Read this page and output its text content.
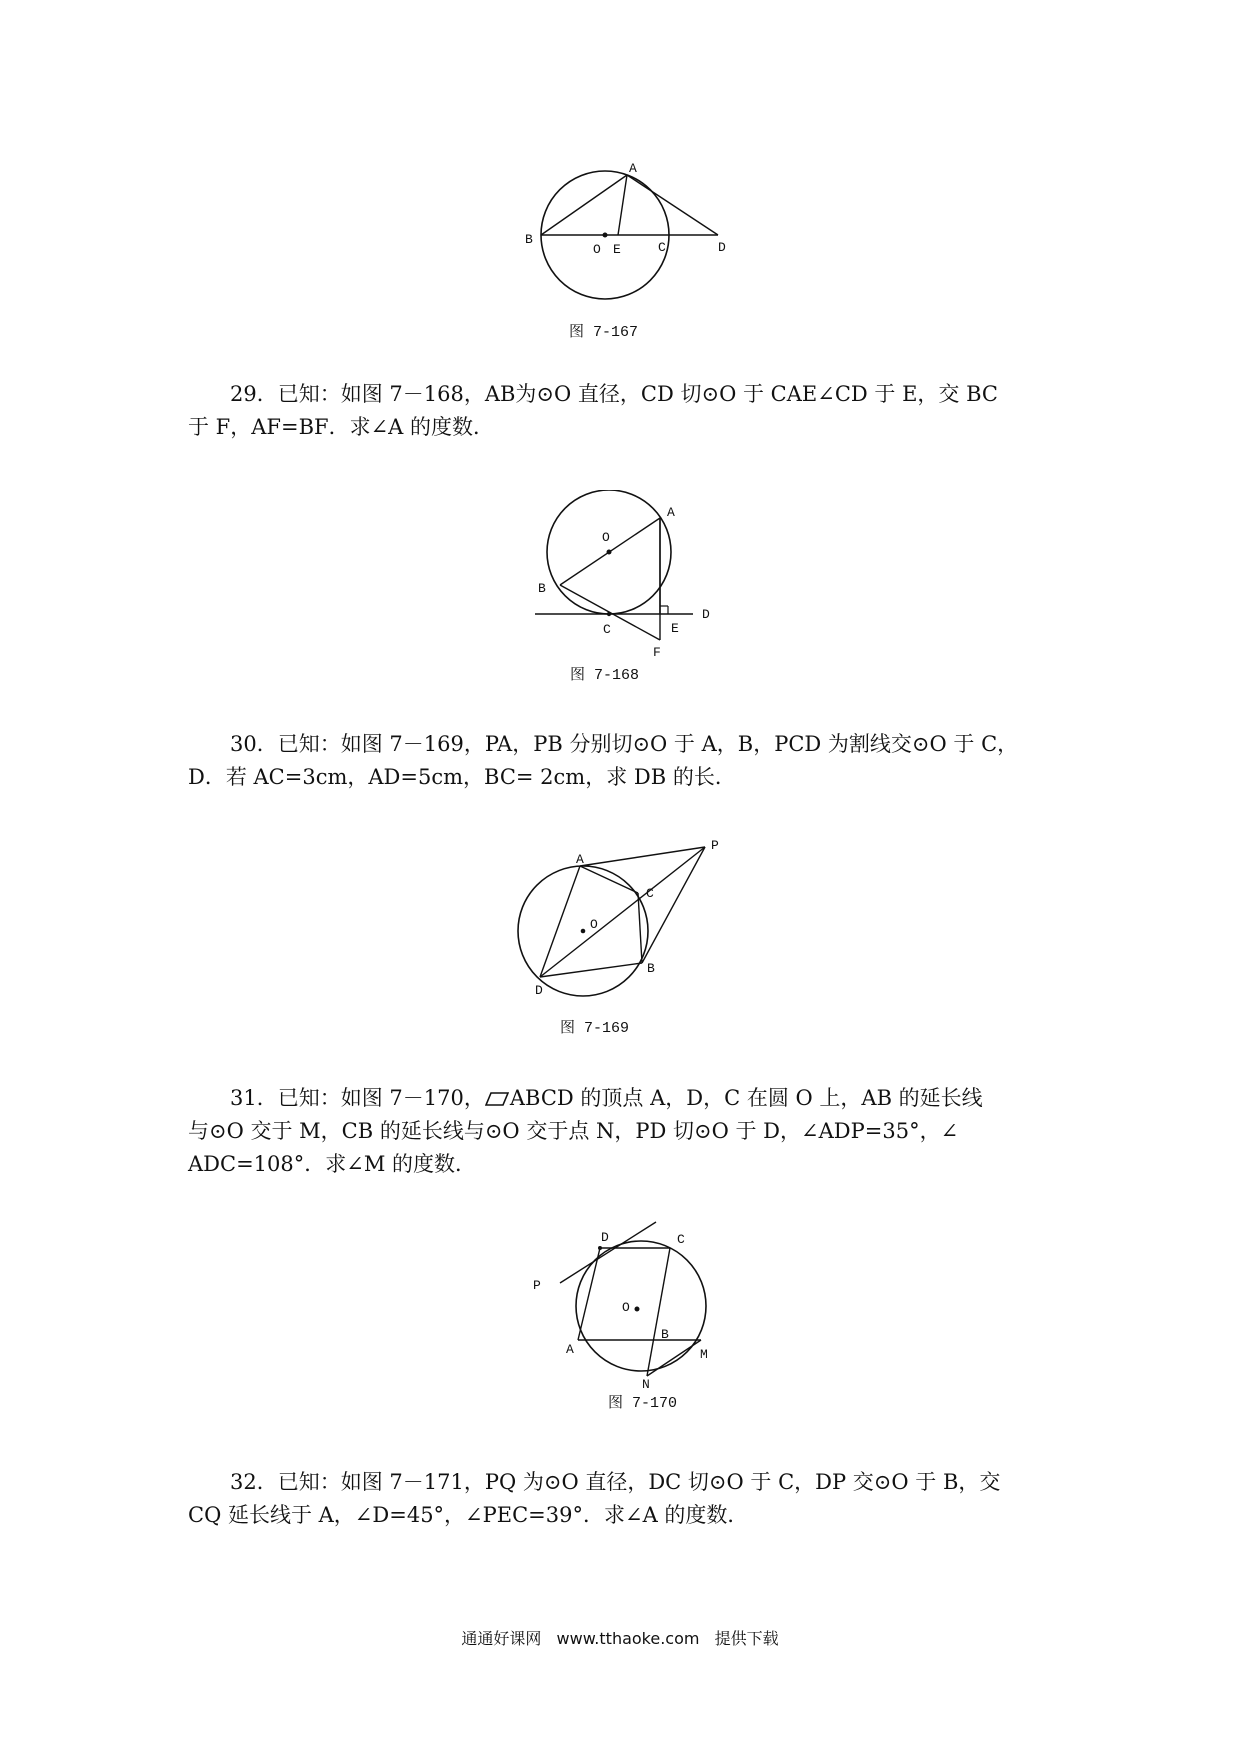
A
B
O E	C	D
图 7-167

29．已知：如图 7－168，AB为⊙O 直径，CD 切⊙O 于 CAE∠CD 于 E，交 BC

于 F，AF=BF．求∠A 的度数．

O
A
B
C
D
E
F
图 7-168

30．已知：如图 7－169，PA，PB 分别切⊙O 于 A，B，PCD 为割线交⊙O 于 C，

D．若 AC=3cm，AD=5cm，BC= 2cm，求 DB 的长．

A
P
C
O
B
D
图 7-169

31．已知：如图 7－170， ABCD 的顶点 A，D，C 在圆 O 上，AB 的延长线

与⊙O 交于 M，CB 的延长线与⊙O 交于点 N，PD 切⊙O 于 D，∠ADP=35°，∠

ADC=108°．求∠M 的度数．

D	C
P
O
A
B
M
N
图 7-170

32．已知：如图 7－171，PQ 为⊙O 直径，DC 切⊙O 于 C，DP 交⊙O 于 B，交

CQ 延长线于 A，∠D=45°，∠PEC=39°．求∠A 的度数．

通通好课网 www.tthaoke.com 提供下载
